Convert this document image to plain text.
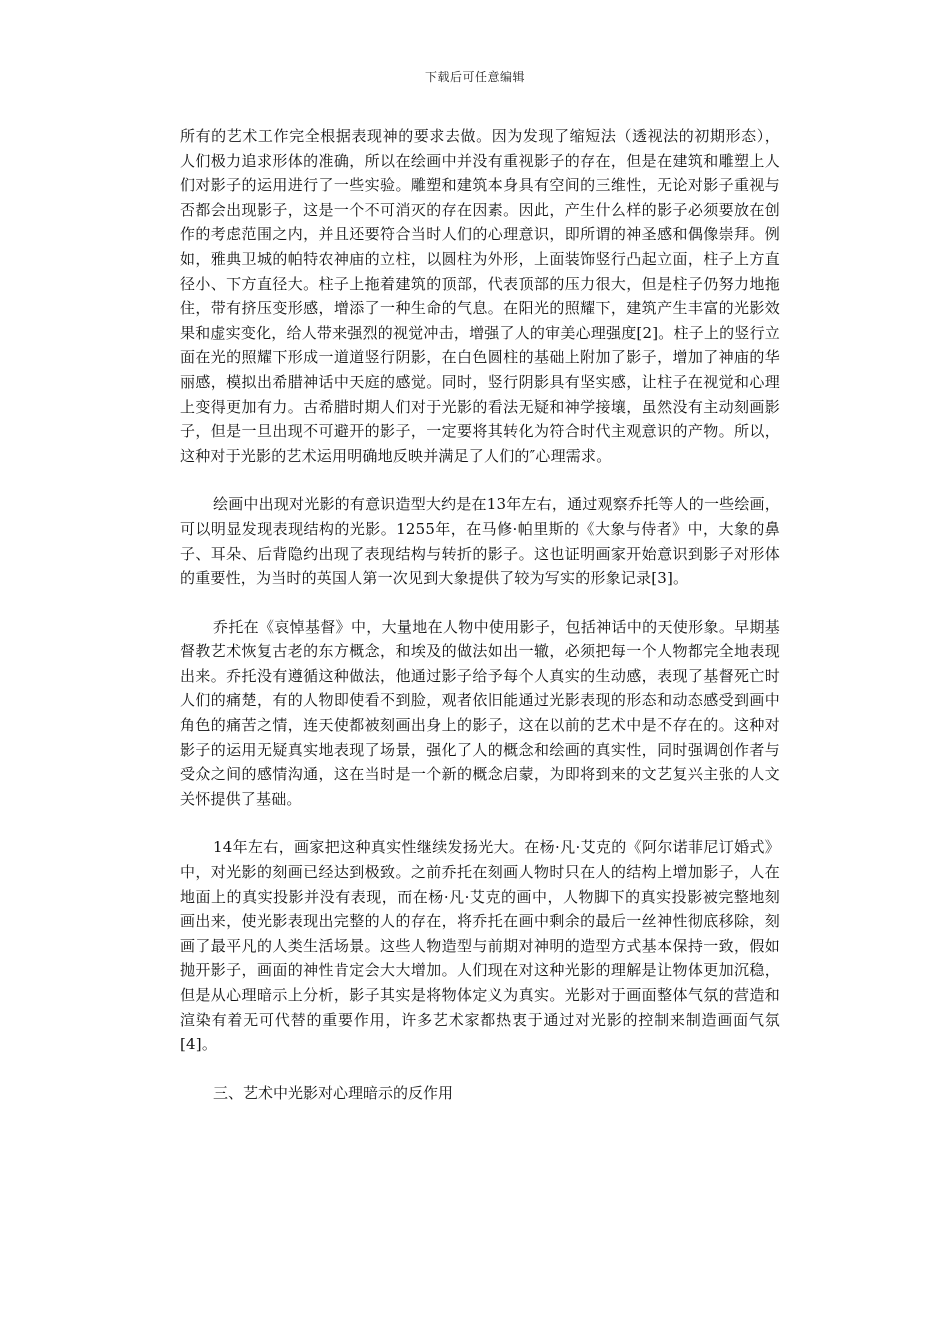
下载后可任意编辑

所有的艺术工作完全根据表现神的要求去做。因为发现了缩短法（透视法的初期形态），人们极力追求形体的准确，所以在绘画中并没有重视影子的存在，但是在建筑和雕塑上人们对影子的运用进行了一些实验。雕塑和建筑本身具有空间的三维性，无论对影子重视与否都会出现影子，这是一个不可消灭的存在因素。因此，产生什么样的影子必须要放在创作的考虑范围之内，并且还要符合当时人们的心理意识，即所谓的神圣感和偶像崇拜。例如，雅典卫城的帕特农神庙的立柱，以圆柱为外形，上面装饰竖行凸起立面，柱子上方直径小、下方直径大。柱子上拖着建筑的顶部，代表顶部的压力很大，但是柱子仍努力地拖住，带有挤压变形感，增添了一种生命的气息。在阳光的照耀下，建筑产生丰富的光影效果和虚实变化，给人带来强烈的视觉冲击，增强了人的审美心理强度[2]。柱子上的竖行立面在光的照耀下形成一道道竖行阴影，在白色圆柱的基础上附加了影子，增加了神庙的华丽感，模拟出希腊神话中天庭的感觉。同时，竖行阴影具有坚实感，让柱子在视觉和心理上变得更加有力。古希腊时期人们对于光影的看法无疑和神学接壤，虽然没有主动刻画影子，但是一旦出现不可避开的影子，一定要将其转化为符合时代主观意识的产物。所以，这种对于光影的艺术运用明确地反映并满足了人们的″心理需求。

绘画中出现对光影的有意识造型大约是在13年左右，通过观察乔托等人的一些绘画，可以明显发现表现结构的光影。1255年，在马修·帕里斯的《大象与侍者》中，大象的鼻子、耳朵、后背隐约出现了表现结构与转折的影子。这也证明画家开始意识到影子对形体的重要性，为当时的英国人第一次见到大象提供了较为写实的形象记录[3]。

乔托在《哀悼基督》中，大量地在人物中使用影子，包括神话中的天使形象。早期基督教艺术恢复古老的东方概念，和埃及的做法如出一辙，必须把每一个人物都完全地表现出来。乔托没有遵循这种做法，他通过影子给予每个人真实的生动感，表现了基督死亡时人们的痛楚，有的人物即使看不到脸，观者依旧能通过光影表现的形态和动态感受到画中角色的痛苦之情，连天使都被刻画出身上的影子，这在以前的艺术中是不存在的。这种对影子的运用无疑真实地表现了场景，强化了人的概念和绘画的真实性，同时强调创作者与受众之间的感情沟通，这在当时是一个新的概念启蒙，为即将到来的文艺复兴主张的人文关怀提供了基础。

14年左右，画家把这种真实性继续发扬光大。在杨·凡·艾克的《阿尔诺菲尼订婚式》中，对光影的刻画已经达到极致。之前乔托在刻画人物时只在人的结构上增加影子，人在地面上的真实投影并没有表现，而在杨·凡·艾克的画中，人物脚下的真实投影被完整地刻画出来，使光影表现出完整的人的存在，将乔托在画中剩余的最后一丝神性彻底移除，刻画了最平凡的人类生活场景。这些人物造型与前期对神明的造型方式基本保持一致，假如抛开影子，画面的神性肯定会大大增加。人们现在对这种光影的理解是让物体更加沉稳，但是从心理暗示上分析，影子其实是将物体定义为真实。光影对于画面整体气氛的营造和渲染有着无可代替的重要作用，许多艺术家都热衷于通过对光影的控制来制造画面气氛[4]。

三、艺术中光影对心理暗示的反作用
